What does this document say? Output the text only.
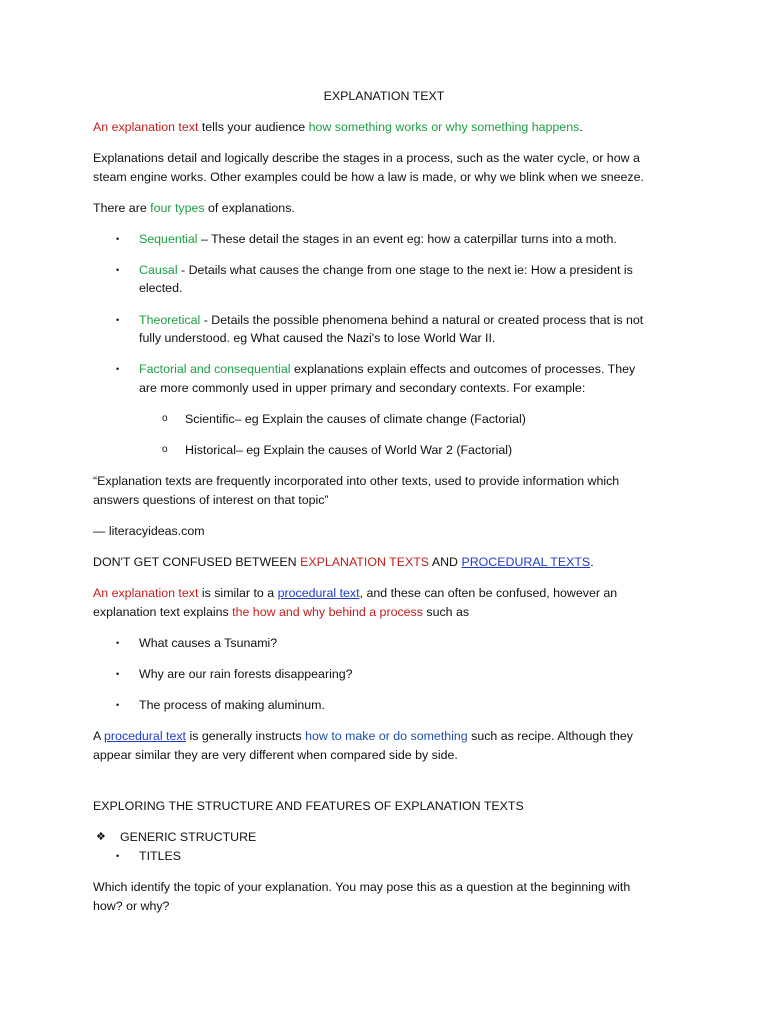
EXPLANATION TEXT
An explanation text tells your audience how something works or why something happens.
Explanations detail and logically describe the stages in a process, such as the water cycle, or how a
steam engine works. Other examples could be how a law is made, or why we blink when we sneeze.
There are four types of explanations.
• Sequential – These detail the stages in an event eg: how a caterpillar turns into a moth.
• Causal - Details what causes the change from one stage to the next ie: How a president is
elected.
• Theoretical - Details the possible phenomena behind a natural or created process that is not
fully understood. eg What caused the Nazi's to lose World War II.
• Factorial and consequential explanations explain effects and outcomes of processes. They
are more commonly used in upper primary and secondary contexts. For example:
o Scientific– eg Explain the causes of climate change (Factorial)
o Historical– eg Explain the causes of World War 2 (Factorial)
“Explanation texts are frequently incorporated into other texts, used to provide information which
answers questions of interest on that topic”
— literacyideas.com
DON'T GET CONFUSED BETWEEN EXPLANATION TEXTS AND PROCEDURAL TEXTS.
An explanation text is similar to a procedural text, and these can often be confused, however an
explanation text explains the how and why behind a process such as
• What causes a Tsunami?
• Why are our rain forests disappearing?
• The process of making aluminum.
A procedural text is generally instructs how to make or do something such as recipe. Although they
appear similar they are very different when compared side by side.
EXPLORING THE STRUCTURE AND FEATURES OF EXPLANATION TEXTS
❖ GENERIC STRUCTURE
• TITLES
Which identify the topic of your explanation. You may pose this as a question at the beginning with
how? or why?
